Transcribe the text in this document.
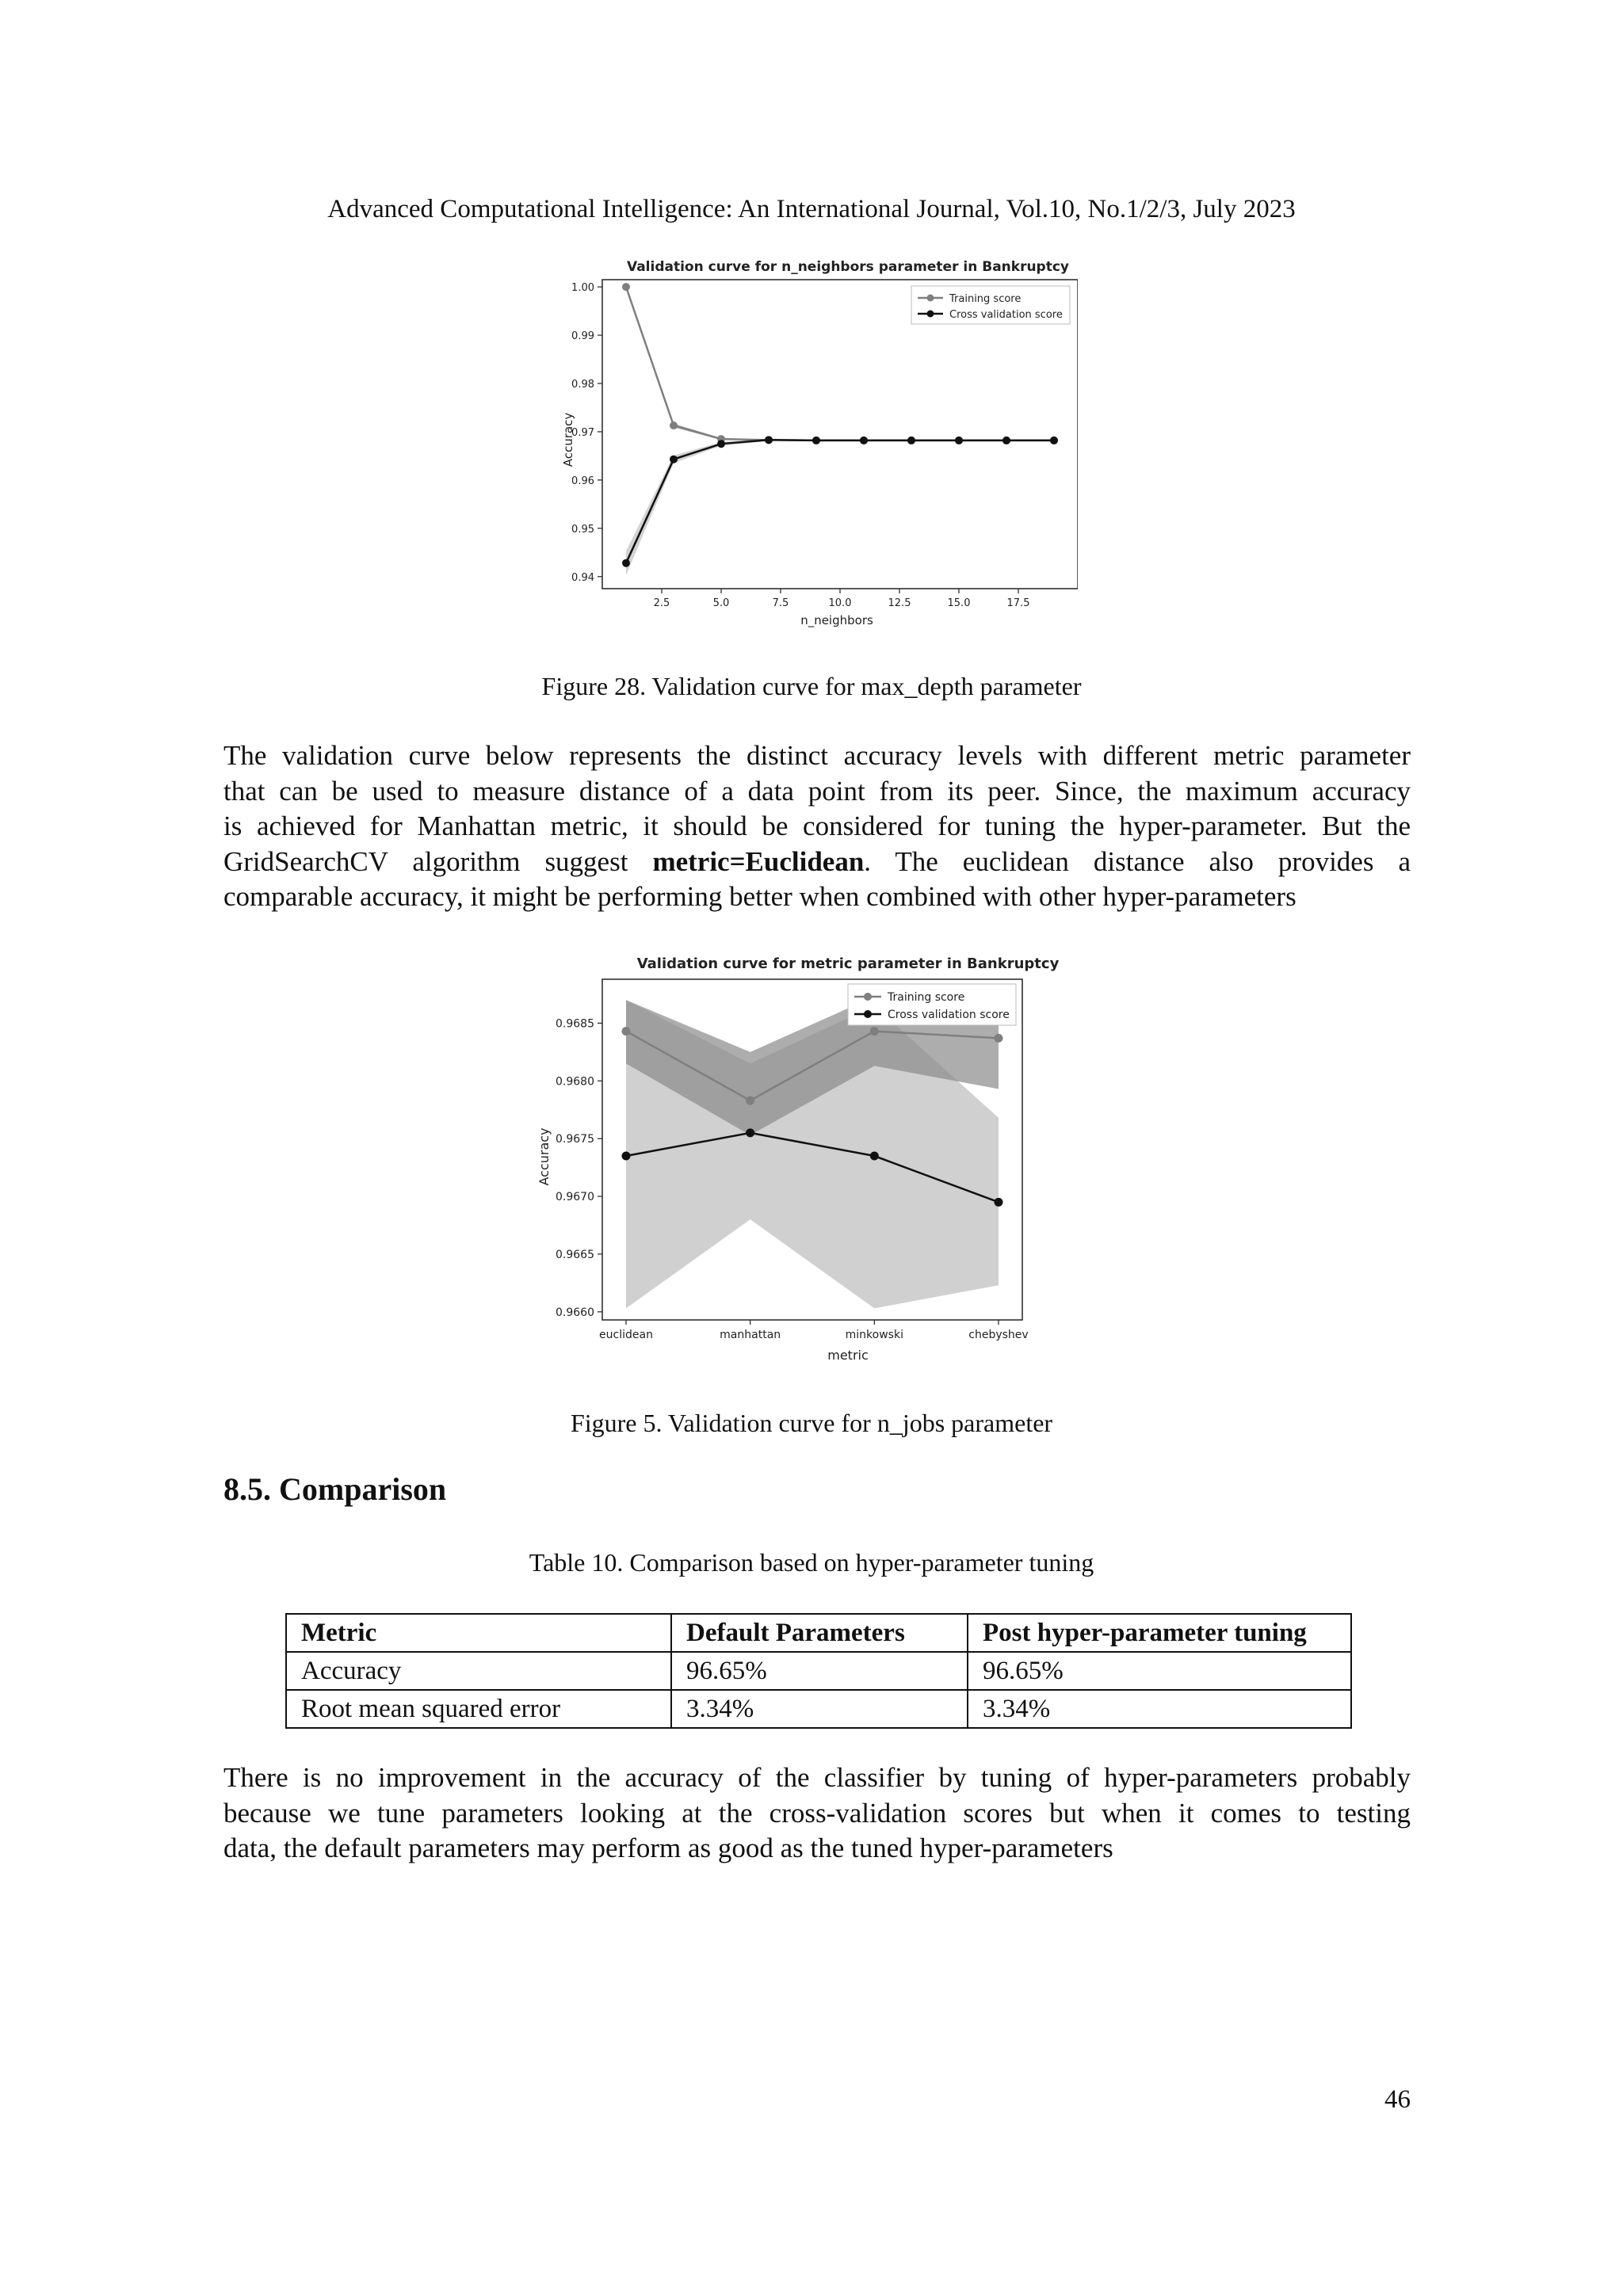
Advanced Computational Intelligence: An International Journal, Vol.10, No.1/2/3, July 2023
Validation curve for n_neighbors parameter in Bankruptcy
1.00
0.99
0.98
0.97
0.96
0.95
0.94
2.5	5.0	7.5	10.0	12.5	15.0	17.5
Training score
Cross validation score
n_neighbors
Accuracy
Figure 28. Validation curve for max_depth parameter
The validation curve below represents the distinct accuracy levels with different metric parameter
that can be used to measure distance of a data point from its peer. Since, the maximum accuracy
is achieved for Manhattan metric, it should be considered for tuning the hyper-parameter. But the
GridSearchCV algorithm suggest metric=Euclidean. The euclidean distance also provides a
comparable accuracy, it might be performing better when combined with other hyper-parameters
Validation curve for metric parameter in Bankruptcy
0.9685
0.9680
0.9675
0.9670
0.9665
0.9660
euclidean	manhattan	minkowski	chebyshev
Training score
Cross validation score
metric
Accuracy
Figure 5. Validation curve for n_jobs parameter
8.5. Comparison
Table 10. Comparison based on hyper-parameter tuning
Metric	Default Parameters	Post hyper-parameter tuning
Accuracy	96.65%	96.65%
Root mean squared error	3.34%	3.34%
There is no improvement in the accuracy of the classifier by tuning of hyper-parameters probably
because we tune parameters looking at the cross-validation scores but when it comes to testing
data, the default parameters may perform as good as the tuned hyper-parameters
46
